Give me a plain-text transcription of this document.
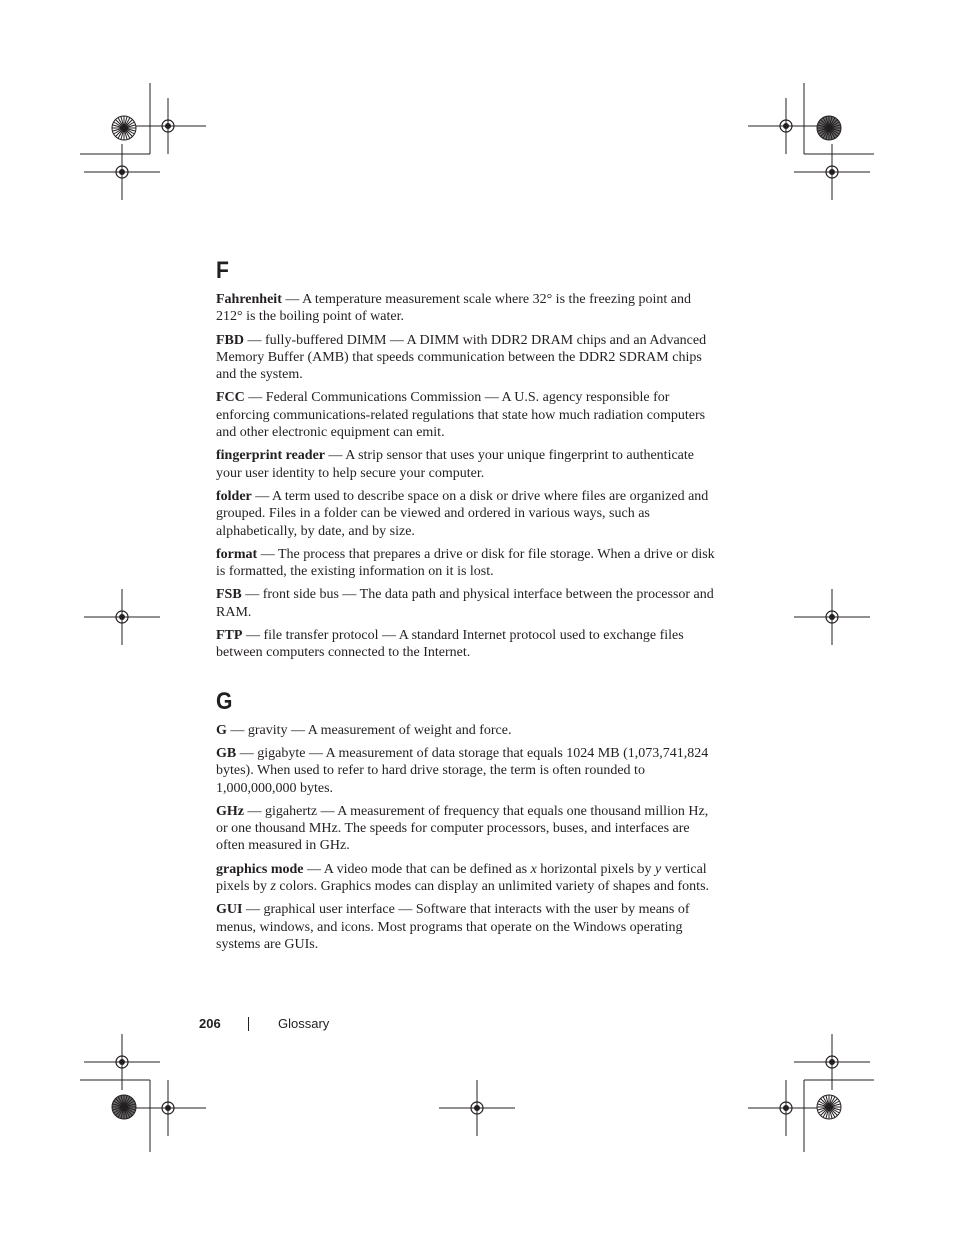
F

Fahrenheit — A temperature measurement scale where 32° is the freezing point and 212° is the boiling point of water.

FBD — fully-buffered DIMM — A DIMM with DDR2 DRAM chips and an Advanced Memory Buffer (AMB) that speeds communication between the DDR2 SDRAM chips and the system.

FCC — Federal Communications Commission — A U.S. agency responsible for enforcing communications-related regulations that state how much radiation computers and other electronic equipment can emit.

fingerprint reader — A strip sensor that uses your unique fingerprint to authenticate your user identity to help secure your computer.

folder — A term used to describe space on a disk or drive where files are organized and grouped. Files in a folder can be viewed and ordered in various ways, such as alphabetically, by date, and by size.

format — The process that prepares a drive or disk for file storage. When a drive or disk is formatted, the existing information on it is lost.

FSB — front side bus — The data path and physical interface between the processor and RAM.

FTP — file transfer protocol — A standard Internet protocol used to exchange files between computers connected to the Internet.

G

G — gravity — A measurement of weight and force.

GB — gigabyte — A measurement of data storage that equals 1024 MB (1,073,741,824 bytes). When used to refer to hard drive storage, the term is often rounded to 1,000,000,000 bytes.

GHz — gigahertz — A measurement of frequency that equals one thousand million Hz, or one thousand MHz. The speeds for computer processors, buses, and interfaces are often measured in GHz.

graphics mode — A video mode that can be defined as x horizontal pixels by y vertical pixels by z colors. Graphics modes can display an unlimited variety of shapes and fonts.

GUI — graphical user interface — Software that interacts with the user by means of menus, windows, and icons. Most programs that operate on the Windows operating systems are GUIs.

206	Glossary
